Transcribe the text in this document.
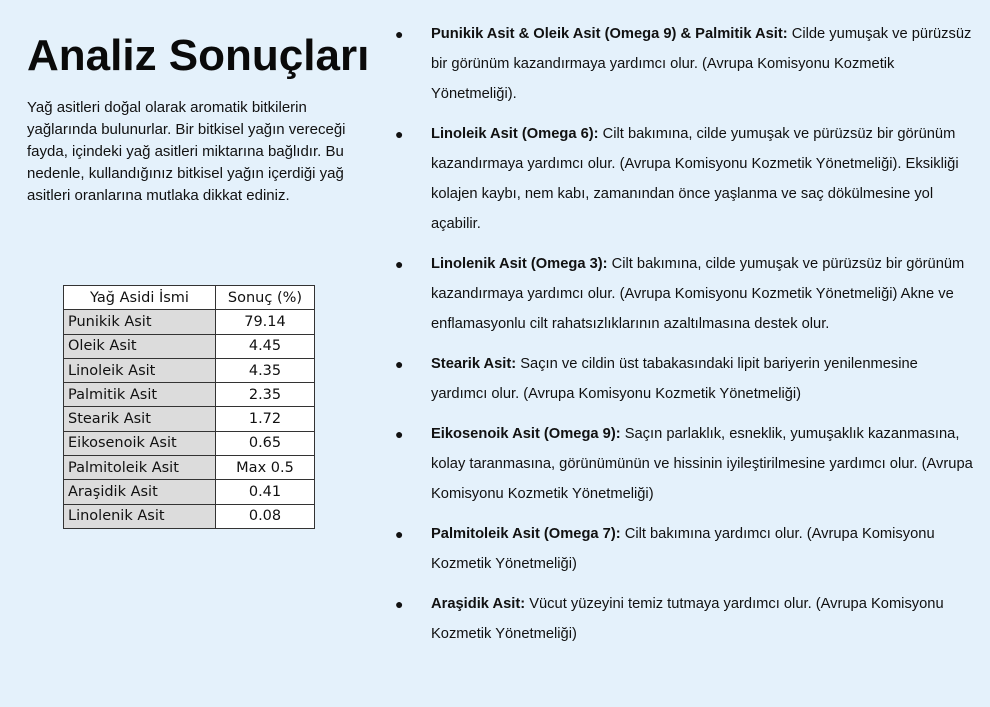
Analiz Sonuçları
Yağ asitleri doğal olarak aromatik bitkilerin yağlarında bulunurlar. Bir bitkisel yağın vereceği fayda, içindeki yağ asitleri miktarına bağlıdır. Bu nedenle, kullandığınız bitkisel yağın içerdiği yağ asitleri oranlarına mutlaka dikkat ediniz.
Yağ Asidi İsmi	Sonuç (%)
Punikik Asit	79.14
Oleik Asit	4.45
Linoleik Asit	4.35
Palmitik Asit	2.35
Stearik Asit	1.72
Eikosenoik Asit	0.65
Palmitoleik Asit	Max 0.5
Araşidik Asit	0.41
Linolenik Asit	0.08
● Punikik Asit & Oleik Asit (Omega 9) & Palmitik Asit: Cilde yumuşak ve pürüzsüz bir görünüm kazandırmaya yardımcı olur. (Avrupa Komisyonu Kozmetik Yönetmeliği).
● Linoleik Asit (Omega 6): Cilt bakımına, cilde yumuşak ve pürüzsüz bir görünüm kazandırmaya yardımcı olur. (Avrupa Komisyonu Kozmetik Yönetmeliği). Eksikliği kolajen kaybı, nem kabı, zamanından önce yaşlanma ve saç dökülmesine yol açabilir.
● Linolenik Asit (Omega 3): Cilt bakımına, cilde yumuşak ve pürüzsüz bir görünüm kazandırmaya yardımcı olur. (Avrupa Komisyonu Kozmetik Yönetmeliği) Akne ve enflamasyonlu cilt rahatsızlıklarının azaltılmasına destek olur.
● Stearik Asit: Saçın ve cildin üst tabakasındaki lipit bariyerin yenilenmesine yardımcı olur. (Avrupa Komisyonu Kozmetik Yönetmeliği)
● Eikosenoik Asit (Omega 9): Saçın parlaklık, esneklik, yumuşaklık kazanmasına, kolay taranmasına, görünümünün ve hissinin iyileştirilmesine yardımcı olur. (Avrupa Komisyonu Kozmetik Yönetmeliği)
● Palmitoleik Asit (Omega 7): Cilt bakımına yardımcı olur. (Avrupa Komisyonu Kozmetik Yönetmeliği)
● Araşidik Asit: Vücut yüzeyini temiz tutmaya yardımcı olur. (Avrupa Komisyonu Kozmetik Yönetmeliği)
